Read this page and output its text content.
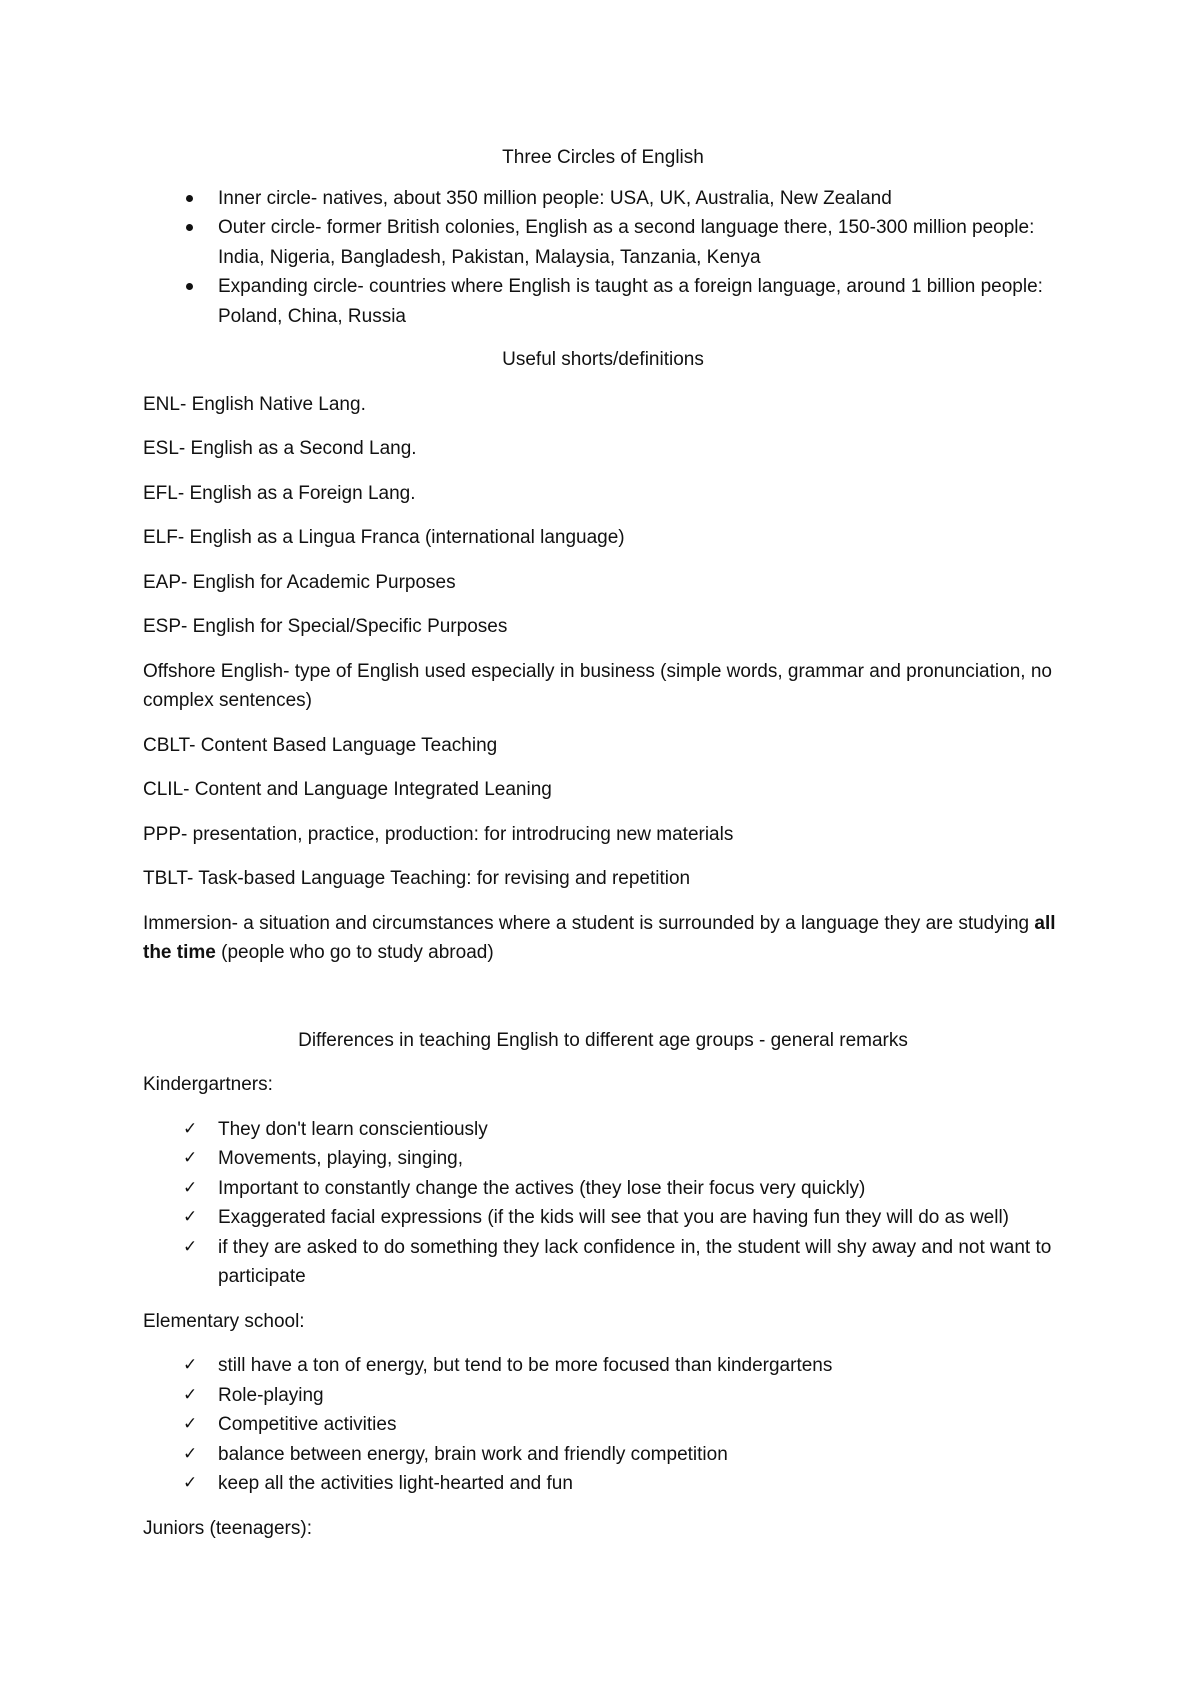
Three Circles of English

Inner circle- natives, about 350 million people: USA, UK, Australia, New Zealand
Outer circle- former British colonies, English as a second language there, 150-300 million people: India, Nigeria, Bangladesh, Pakistan, Malaysia, Tanzania, Kenya
Expanding circle- countries where English is taught as a foreign language, around 1 billion people: Poland, China, Russia

Useful shorts/definitions

ENL- English Native Lang.

ESL- English as a Second Lang.

EFL- English as a Foreign Lang.

ELF- English as a Lingua Franca (international language)

EAP- English for Academic Purposes

ESP- English for Special/Specific Purposes

Offshore English- type of English used especially in business (simple words, grammar and pronunciation, no complex sentences)

CBLT- Content Based Language Teaching

CLIL- Content and Language Integrated Leaning

PPP- presentation, practice, production: for introdrucing new materials

TBLT- Task-based Language Teaching: for revising and repetition

Immersion- a situation and circumstances where a student is surrounded by a language they are studying all the time (people who go to study abroad)

Differences in teaching English to different age groups - general remarks

Kindergartners:

✓ They don't learn conscientiously
✓ Movements, playing, singing,
✓ Important to constantly change the actives (they lose their focus very quickly)
✓ Exaggerated facial expressions (if the kids will see that you are having fun they will do as well)
✓ if they are asked to do something they lack confidence in, the student will shy away and not want to participate

Elementary school:

✓ still have a ton of energy, but tend to be more focused than kindergartens
✓ Role-playing
✓ Competitive activities
✓ balance between energy, brain work and friendly competition
✓ keep all the activities light-hearted and fun

Juniors (teenagers):
